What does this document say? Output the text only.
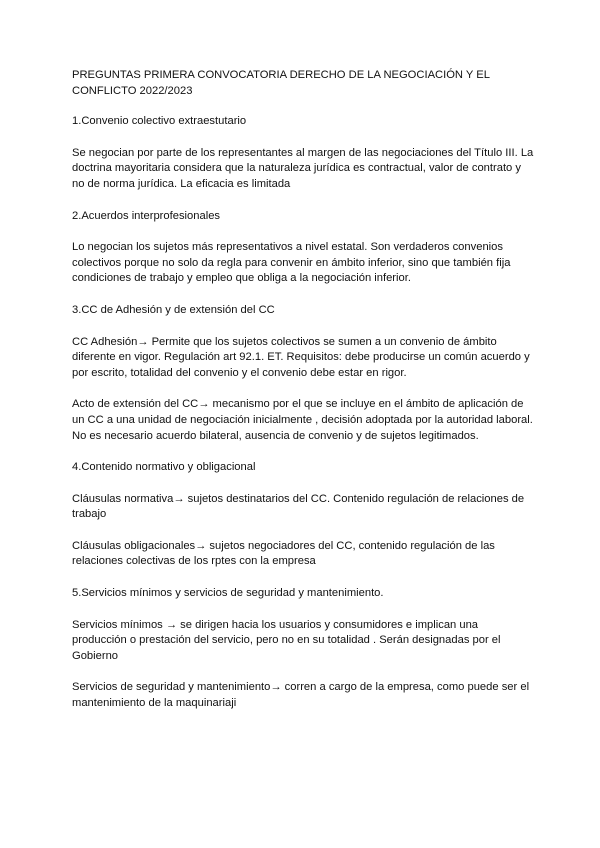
PREGUNTAS PRIMERA CONVOCATORIA DERECHO DE LA NEGOCIACIÓN Y EL CONFLICTO 2022/2023

1.Convenio colectivo extraestutario

Se negocian por parte de los representantes al margen de las negociaciones del Título III. La doctrina mayoritaria considera que la naturaleza jurídica es contractual, valor de contrato y no de norma jurídica. La eficacia es limitada

2.Acuerdos interprofesionales

Lo negocian los sujetos más representativos a nivel estatal. Son verdaderos convenios colectivos porque no solo da regla para convenir en ámbito inferior, sino que también fija condiciones de trabajo y empleo que obliga a la negociación inferior.

3.CC de Adhesión y de extensión del CC

CC Adhesión→ Permite que los sujetos colectivos se sumen a un convenio de ámbito diferente en vigor. Regulación art 92.1. ET. Requisitos: debe producirse un común acuerdo y por escrito, totalidad del convenio y el convenio debe estar en rigor.

Acto de extensión del CC→ mecanismo por el que se incluye en el ámbito de aplicación de un CC a una unidad de negociación inicialmente , decisión adoptada por la autoridad laboral. No es necesario acuerdo bilateral, ausencia de convenio y de sujetos legitimados.

4.Contenido normativo y obligacional

Cláusulas normativa→ sujetos destinatarios del CC. Contenido regulación de relaciones de trabajo

Cláusulas obligacionales→ sujetos negociadores del CC, contenido regulación de las relaciones colectivas de los rptes con la empresa

5.Servicios mínimos y servicios de seguridad y mantenimiento.

Servicios mínimos → se dirigen hacia los usuarios y consumidores e implican una producción o prestación del servicio, pero no en su totalidad . Serán designadas por el Gobierno

Servicios de seguridad y mantenimiento→ corren a cargo de la empresa, como puede ser el mantenimiento de la maquinariaji
